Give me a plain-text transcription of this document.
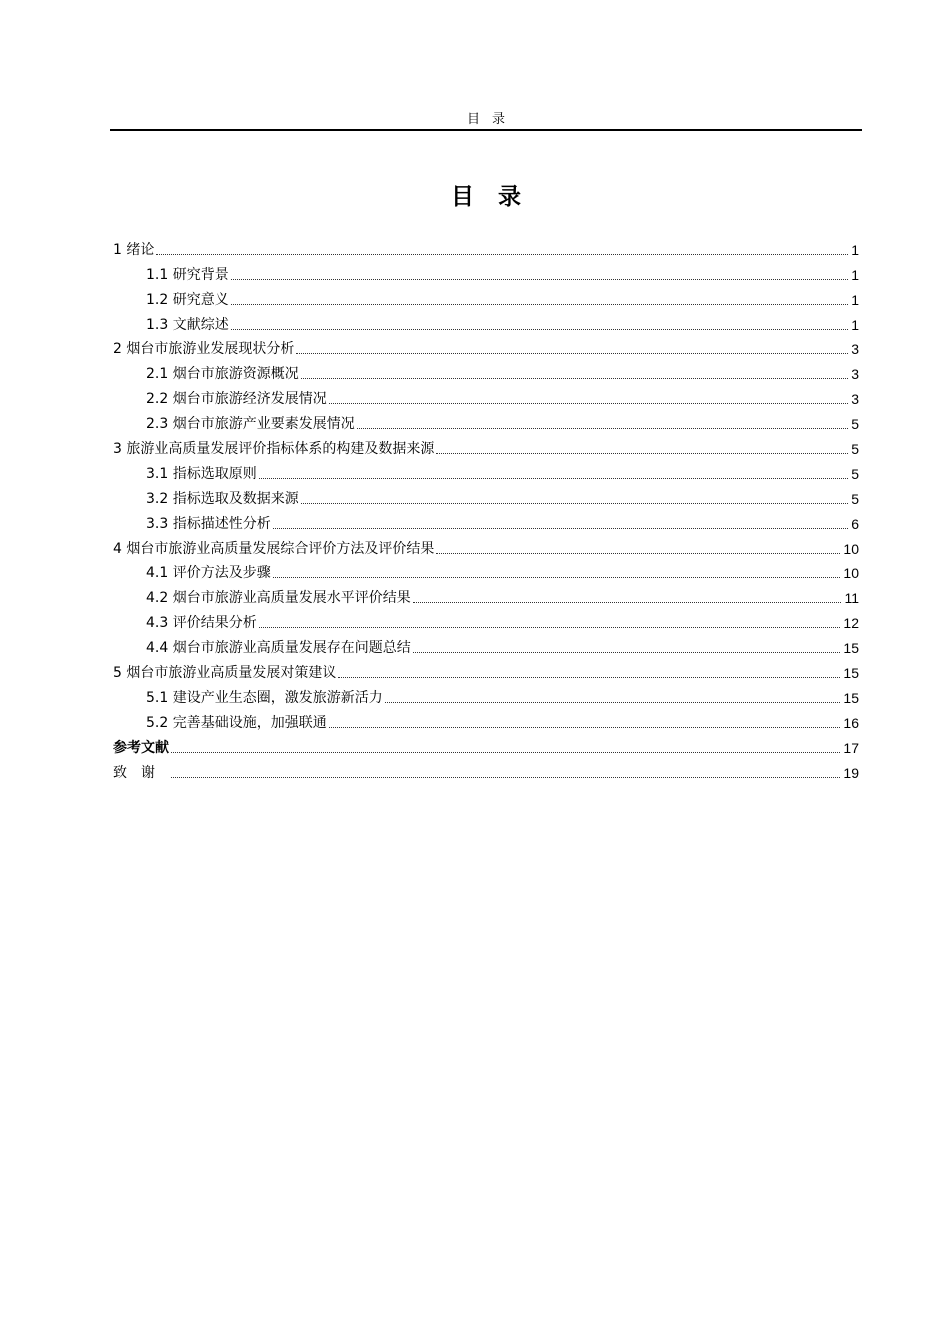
目录
目录
1 绪论	1
1.1 研究背景	1
1.2 研究意义	1
1.3 文献综述	1
2 烟台市旅游业发展现状分析	3
2.1 烟台市旅游资源概况	3
2.2 烟台市旅游经济发展情况	3
2.3 烟台市旅游产业要素发展情况	5
3 旅游业高质量发展评价指标体系的构建及数据来源	5
3.1 指标选取原则	5
3.2 指标选取及数据来源	5
3.3 指标描述性分析	6
4 烟台市旅游业高质量发展综合评价方法及评价结果	10
4.1 评价方法及步骤	10
4.2 烟台市旅游业高质量发展水平评价结果	11
4.3 评价结果分析	12
4.4 烟台市旅游业高质量发展存在问题总结	15
5 烟台市旅游业高质量发展对策建议	15
5.1 建设产业生态圈，激发旅游新活力	15
5.2 完善基础设施，加强联通	16
参考文献	17
致谢	19
